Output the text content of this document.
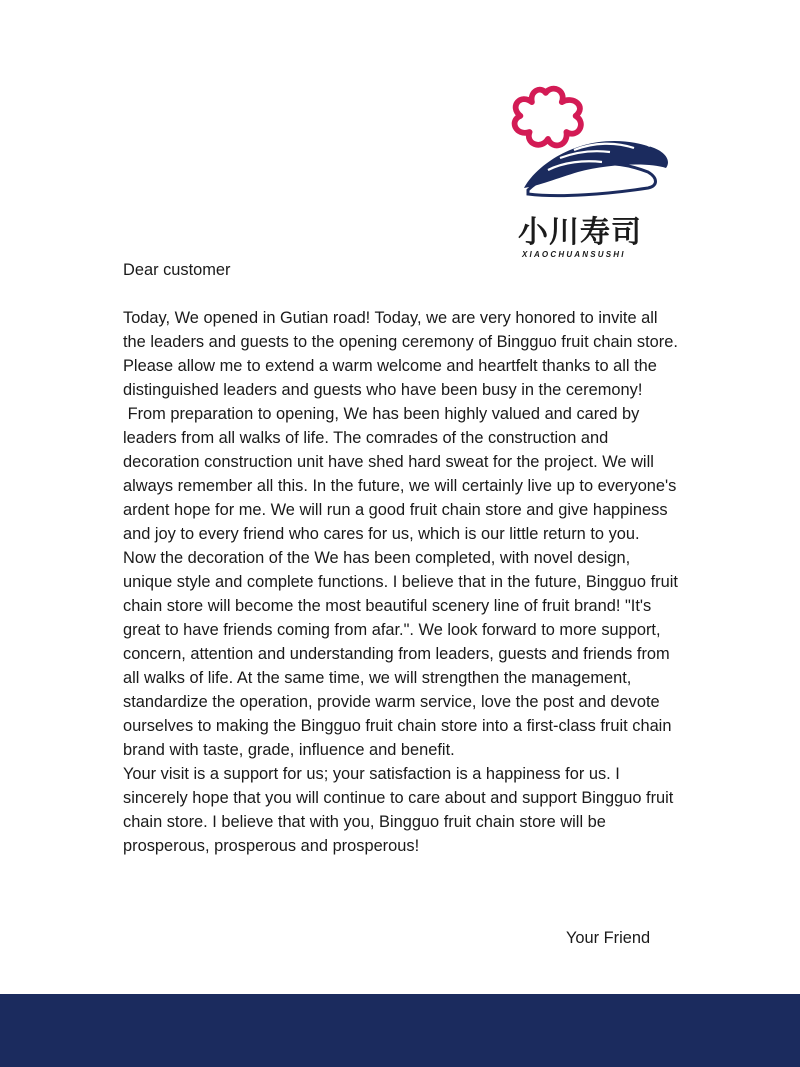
小川寿司
XIAOCHUANSUSHI

Dear customer

Today, We opened in Gutian road! Today, we are very honored to invite all the leaders and guests to the opening ceremony of Bingguo fruit chain store. Please allow me to extend a warm welcome and heartfelt thanks to all the distinguished leaders and guests who have been busy in the ceremony!

From preparation to opening, We has been highly valued and cared by leaders from all walks of life. The comrades of the construction and decoration construction unit have shed hard sweat for the project. We will always remember all this. In the future, we will certainly live up to everyone's ardent hope for me. We will run a good fruit chain store and give happiness and joy to every friend who cares for us, which is our little return to you.

Now the decoration of the We has been completed, with novel design, unique style and complete functions. I believe that in the future, Bingguo fruit chain store will become the most beautiful scenery line of fruit brand! "It's great to have friends coming from afar.". We look forward to more support, concern, attention and understanding from leaders, guests and friends from all walks of life. At the same time, we will strengthen the management, standardize the operation, provide warm service, love the post and devote ourselves to making the Bingguo fruit chain store into a first-class fruit chain brand with taste, grade, influence and benefit.

Your visit is a support for us; your satisfaction is a happiness for us. I sincerely hope that you will continue to care about and support Bingguo fruit chain store. I believe that with you, Bingguo fruit chain store will be prosperous, prosperous and prosperous!

Your Friend
